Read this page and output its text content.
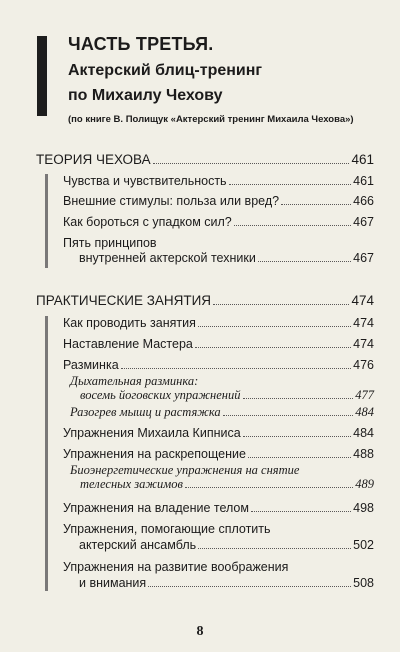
ЧАСТЬ ТРЕТЬЯ.
Актерский блиц-тренинг
по Михаилу Чехову
(по книге В. Полищук «Актерский тренинг Михаила Чехова»)
ТЕОРИЯ ЧЕХОВА	461
Чувства и чувствительность	461
Внешние стимулы: польза или вред?	466
Как бороться с упадком сил?	467
Пять принципов
внутренней актерской техники	467
ПРАКТИЧЕСКИЕ ЗАНЯТИЯ	474
Как проводить занятия	474
Наставление Мастера	474
Разминка	476
Дыхательная разминка:
восемь йоговских упражнений	477
Разогрев мышц и растяжка	484
Упражнения Михаила Кипниса	484
Упражнения на раскрепощение	488
Биоэнергетические упражнения на снятие
телесных зажимов	489
Упражнения на владение телом	498
Упражнения, помогающие сплотить
актерский ансамбль	502
Упражнения на развитие воображения
и внимания	508
8
